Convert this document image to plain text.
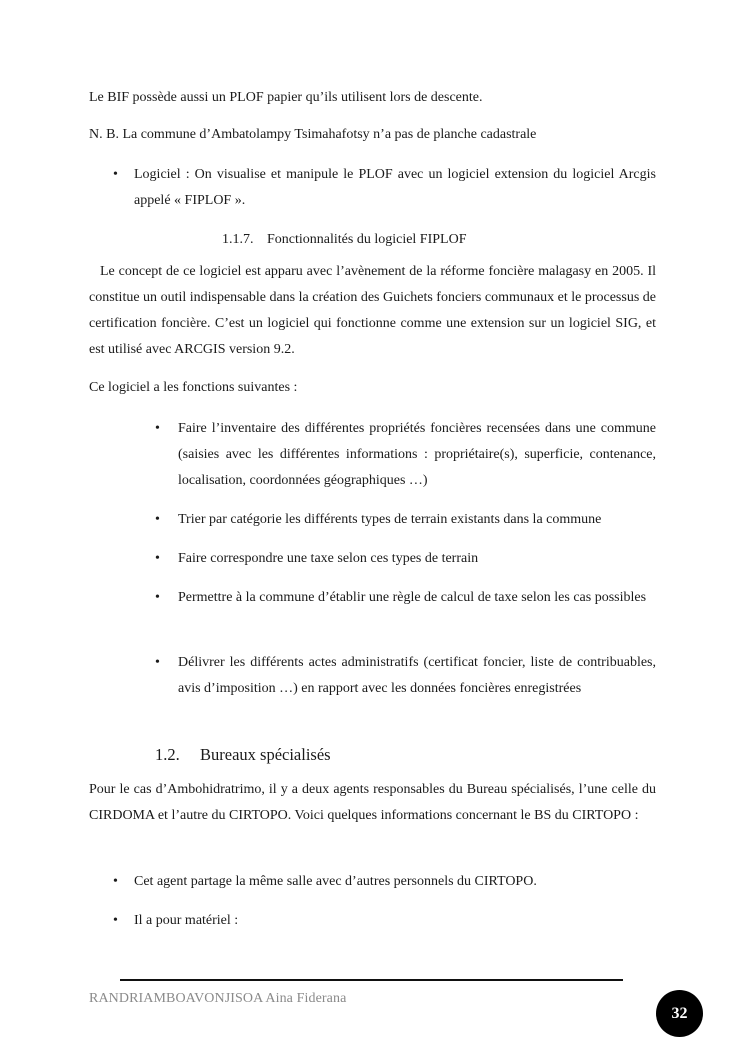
Le BIF possède aussi un PLOF papier qu’ils utilisent lors de descente.

N. B. La commune d’Ambatolampy Tsimahafotsy n’a pas de planche cadastrale

• Logiciel : On visualise et manipule le PLOF avec un logiciel extension du logiciel Arcgis appelé « FIPLOF ».
1.1.7. Fonctionnalités du logiciel FIPLOF

Le concept de ce logiciel est apparu avec l’avènement de la réforme foncière malagasy en 2005. Il constitue un outil indispensable dans la création des Guichets fonciers communaux et le processus de certification foncière. C’est un logiciel qui fonctionne comme une extension sur un logiciel SIG, et est utilisé avec ARCGIS version 9.2.

Ce logiciel a les fonctions suivantes :

• Faire l’inventaire des différentes propriétés foncières recensées dans une commune (saisies avec les différentes informations : propriétaire(s), superficie, contenance, localisation, coordonnées géographiques …)
• Trier par catégorie les différents types de terrain existants dans la commune
• Faire correspondre une taxe selon ces types de terrain
• Permettre à la commune d’établir une règle de calcul de taxe selon les cas possibles
• Délivrer les différents actes administratifs (certificat foncier, liste de contribuables, avis d’imposition …) en rapport avec les données foncières enregistrées
1.2. Bureaux spécialisés

Pour le cas d’Ambohidratrimo, il y a deux agents responsables du Bureau spécialisés, l’une celle du CIRDOMA et l’autre du CIRTOPO. Voici quelques informations concernant le BS du CIRTOPO :

• Cet agent partage la même salle avec d’autres personnels du CIRTOPO.
• Il a pour matériel :
RANDRIAMBOAVONJISOA Aina Fiderana
32
